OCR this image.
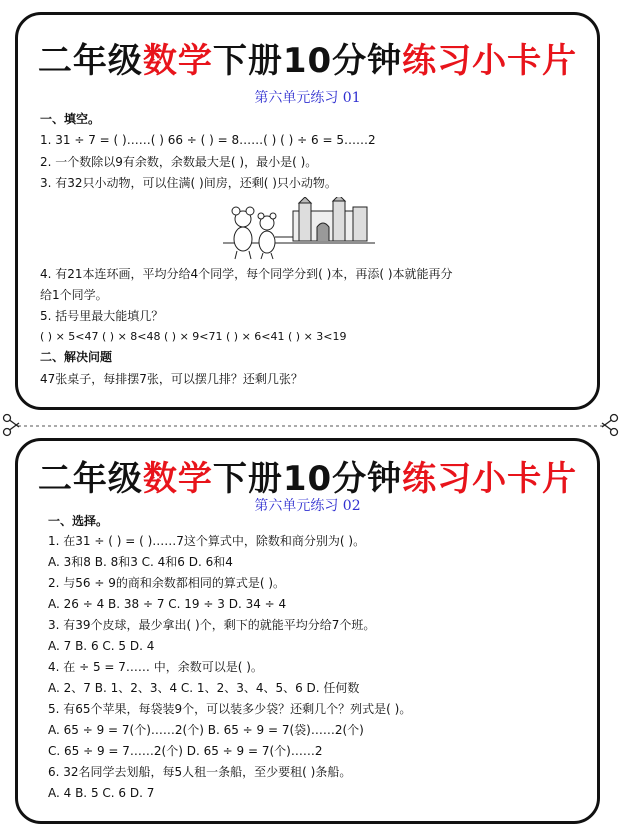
二年级数学下册10分钟练习小卡片
第六单元练习 01
一、填空。
1. 31 ÷ 7 = ( )……( ) 66 ÷ ( ) = 8……( ) ( ) ÷ 6 = 5……2
2. 一个数除以9有余数，余数最大是( )，最小是( )。
3. 有32只小动物，可以住满( )间房，还剩( )只小动物。
4. 有21本连环画，平均分给4个同学，每个同学分到( )本，再添( )本就能再分
给1个同学。
5. 括号里最大能填几？
( ) × 5<47 ( ) × 8<48 ( ) × 9<71 ( ) × 6<41 ( ) × 3<19
二、解决问题
47张桌子，每排摆7张，可以摆几排？还剩几张？
二年级数学下册10分钟练习小卡片
第六单元练习 02
一、选择。
1. 在31 ÷ ( ) = ( )……7这个算式中，除数和商分别为( )。
A. 3和8 B. 8和3 C. 4和6 D. 6和4
2. 与56 ÷ 9的商和余数都相同的算式是( )。
A. 26 ÷ 4 B. 38 ÷ 7 C. 19 ÷ 3 D. 34 ÷ 4
3. 有39个皮球，最少拿出( )个，剩下的就能平均分给7个班。
A. 7 B. 6 C. 5 D. 4
4. 在 ÷ 5 = 7…… 中，余数可以是( )。
A. 2、7 B. 1、2、3、4 C. 1、2、3、4、5、6 D. 任何数
5. 有65个苹果，每袋装9个，可以装多少袋？还剩几个？列式是( )。
A. 65 ÷ 9 = 7(个)……2(个) B. 65 ÷ 9 = 7(袋)……2(个)
C. 65 ÷ 9 = 7……2(个) D. 65 ÷ 9 = 7(个)……2
6. 32名同学去划船，每5人租一条船，至少要租( )条船。
A. 4 B. 5 C. 6 D. 7
